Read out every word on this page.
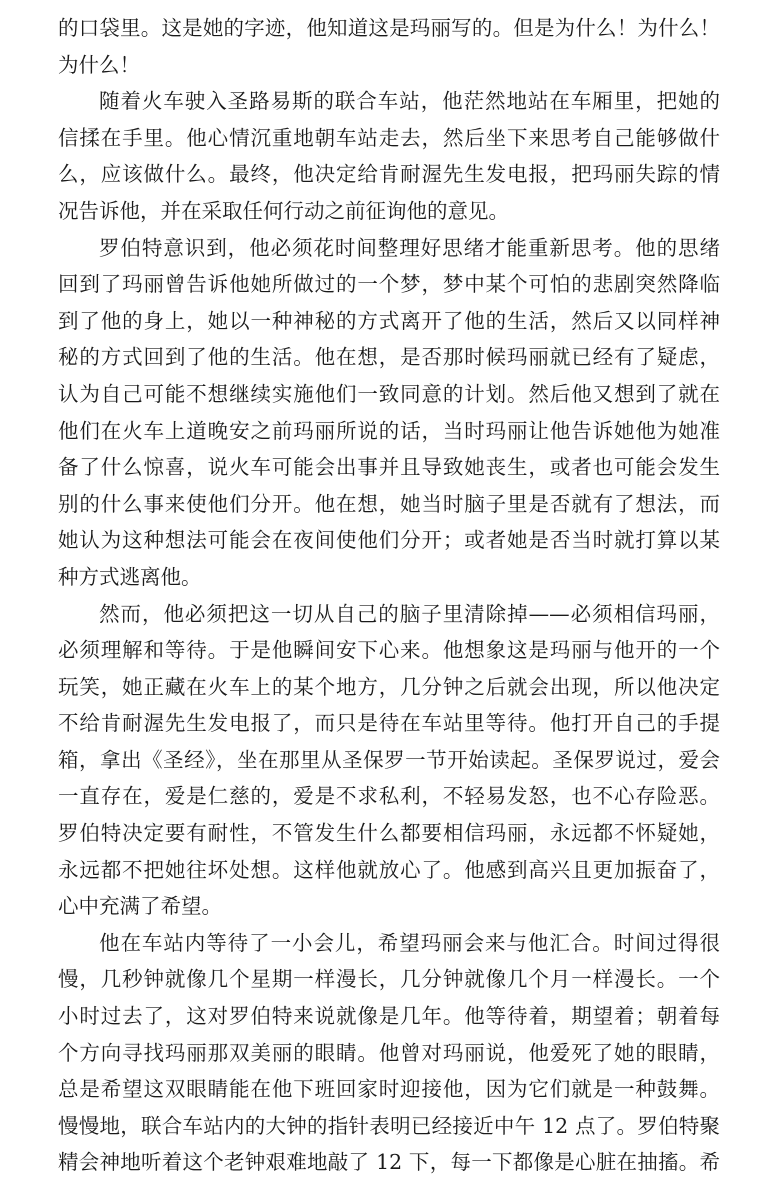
的口袋里。这是她的字迹，他知道这是玛丽写的。但是为什么！为什么！
为什么！
随着火车驶入圣路易斯的联合车站，他茫然地站在车厢里，把她的
信揉在手里。他心情沉重地朝车站走去，然后坐下来思考自己能够做什
么，应该做什么。最终，他决定给肯耐渥先生发电报，把玛丽失踪的情
况告诉他，并在采取任何行动之前征询他的意见。
罗伯特意识到，他必须花时间整理好思绪才能重新思考。他的思绪
回到了玛丽曾告诉他她所做过的一个梦，梦中某个可怕的悲剧突然降临
到了他的身上，她以一种神秘的方式离开了他的生活，然后又以同样神
秘的方式回到了他的生活。他在想，是否那时候玛丽就已经有了疑虑，
认为自己可能不想继续实施他们一致同意的计划。然后他又想到了就在
他们在火车上道晚安之前玛丽所说的话，当时玛丽让他告诉她他为她准
备了什么惊喜，说火车可能会出事并且导致她丧生，或者也可能会发生
别的什么事来使他们分开。他在想，她当时脑子里是否就有了想法，而
她认为这种想法可能会在夜间使他们分开；或者她是否当时就打算以某
种方式逃离他。
然而，他必须把这一切从自己的脑子里清除掉——必须相信玛丽，
必须理解和等待。于是他瞬间安下心来。他想象这是玛丽与他开的一个
玩笑，她正藏在火车上的某个地方，几分钟之后就会出现，所以他决定
不给肯耐渥先生发电报了，而只是待在车站里等待。他打开自己的手提
箱，拿出《圣经》，坐在那里从圣保罗一节开始读起。圣保罗说过，爱会
一直存在，爱是仁慈的，爱是不求私利，不轻易发怒，也不心存险恶。
罗伯特决定要有耐性，不管发生什么都要相信玛丽，永远都不怀疑她，
永远都不把她往坏处想。这样他就放心了。他感到高兴且更加振奋了，
心中充满了希望。
他在车站内等待了一小会儿，希望玛丽会来与他汇合。时间过得很
慢，几秒钟就像几个星期一样漫长，几分钟就像几个月一样漫长。一个
小时过去了，这对罗伯特来说就像是几年。他等待着，期望着；朝着每
个方向寻找玛丽那双美丽的眼睛。他曾对玛丽说，他爱死了她的眼睛，
总是希望这双眼睛能在他下班回家时迎接他，因为它们就是一种鼓舞。
慢慢地，联合车站内的大钟的指针表明已经接近中午 12 点了。罗伯特聚
精会神地听着这个老钟艰难地敲了 12 下，每一下都像是心脏在抽搐。希
